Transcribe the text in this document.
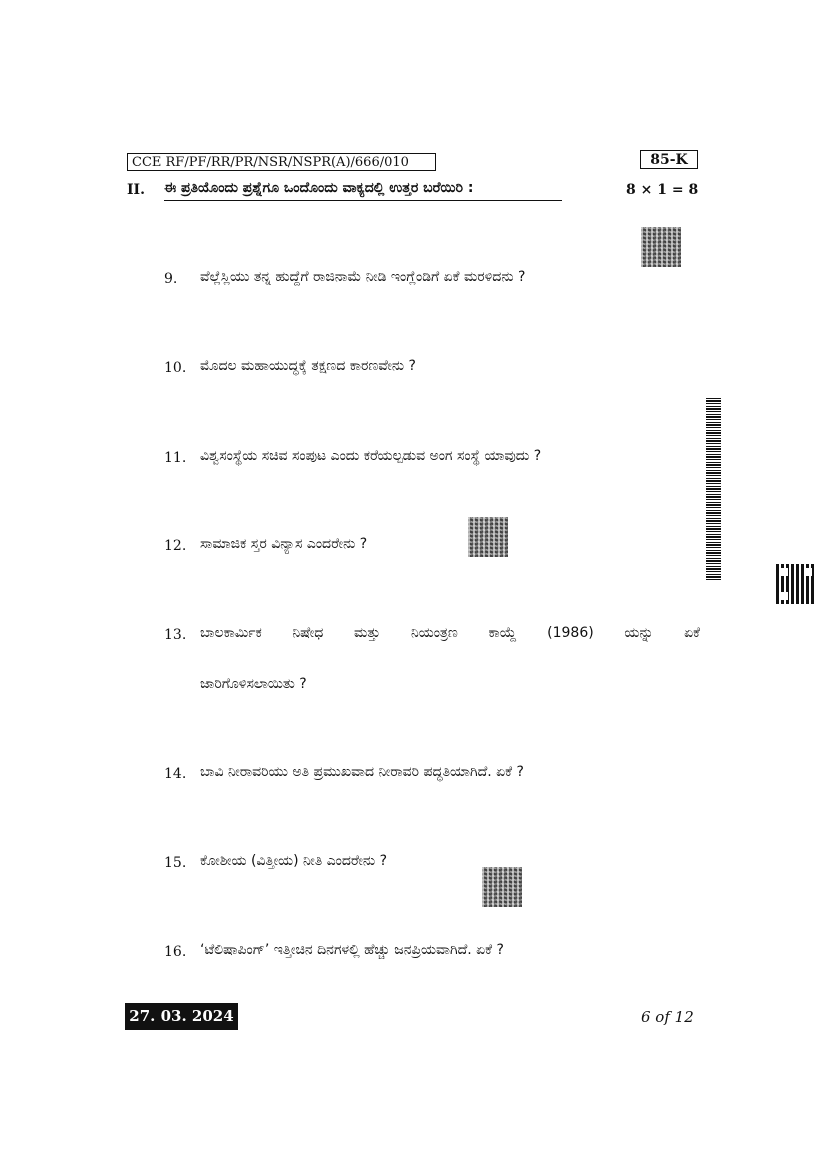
CCE RF/PF/RR/PR/NSR/NSPR(A)/666/010	85-K
II. ಈ ಪ್ರತಿಯೊಂದು ಪ್ರಶ್ನೆಗೂ ಒಂದೊಂದು ವಾಕ್ಯದಲ್ಲಿ ಉತ್ತರ ಬರೆಯಿರಿ :	8 × 1 = 8
9. ವೆಲ್ಲೆಸ್ಲಿಯು ತನ್ನ ಹುದ್ದೆಗೆ ರಾಜಿನಾಮೆ ನೀಡಿ ಇಂಗ್ಲೆಂಡಿಗೆ ಏಕೆ ಮರಳಿದನು ?
10. ಮೊದಲ ಮಹಾಯುದ್ಧಕ್ಕೆ ತಕ್ಷಣದ ಕಾರಣವೇನು ?
11. ವಿಶ್ವಸಂಸ್ಥೆಯ ಸಚಿವ ಸಂಪುಟ ಎಂದು ಕರೆಯಲ್ಪಡುವ ಅಂಗ ಸಂಸ್ಥೆ ಯಾವುದು ?
12. ಸಾಮಾಜಿಕ ಸ್ತರ ವಿನ್ಯಾಸ ಎಂದರೇನು ?
13. ಬಾಲಕಾರ್ಮಿಕ ನಿಷೇಧ ಮತ್ತು ನಿಯಂತ್ರಣ ಕಾಯ್ದೆ (1986) ಯನ್ನು ಏಕೆ
ಜಾರಿಗೊಳಿಸಲಾಯಿತು ?
14. ಬಾವಿ ನೀರಾವರಿಯು ಅತಿ ಪ್ರಮುಖವಾದ ನೀರಾವರಿ ಪದ್ಧತಿಯಾಗಿದೆ. ಏಕೆ ?
15. ಕೋಶೀಯ (ವಿತ್ತೀಯ) ನೀತಿ ಎಂದರೇನು ?
16. ‘ಟೆಲಿಷಾಪಿಂಗ್’ ಇತ್ತೀಚಿನ ದಿನಗಳಲ್ಲಿ ಹೆಚ್ಚು ಜನಪ್ರಿಯವಾಗಿದೆ. ಏಕೆ ?
27. 03. 2024	6 of 12
